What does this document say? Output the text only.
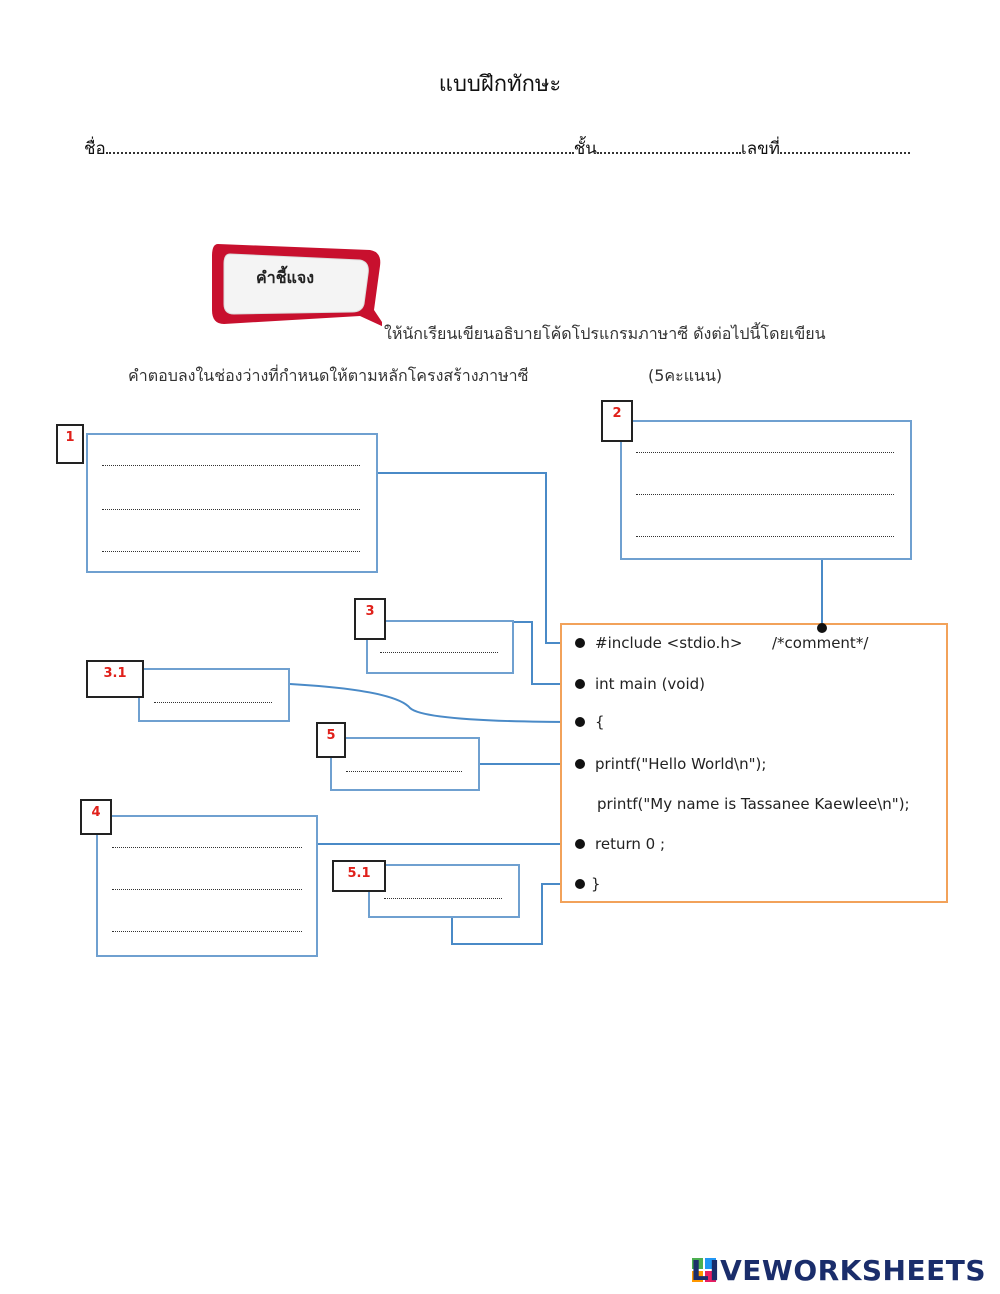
แบบฝึกทักษะ
ชื่อ	ชั้น	เลขที่
คำชี้แจง
ให้นักเรียนเขียนอธิบายโค้ดโปรแกรมภาษาซี ดังต่อไปนี้โดยเขียน
คำตอบลงในช่องว่างที่กำหนดให้ตามหลักโครงสร้างภาษาซี	(5คะแนน)
1
2
3
3.1
5
4
5.1
#include <stdio.h> /*comment*/
int main (void)
{
printf("Hello World\n");
printf("My name is Tassanee Kaewlee\n");
return 0 ;
}
LIVEWORKSHEETS
